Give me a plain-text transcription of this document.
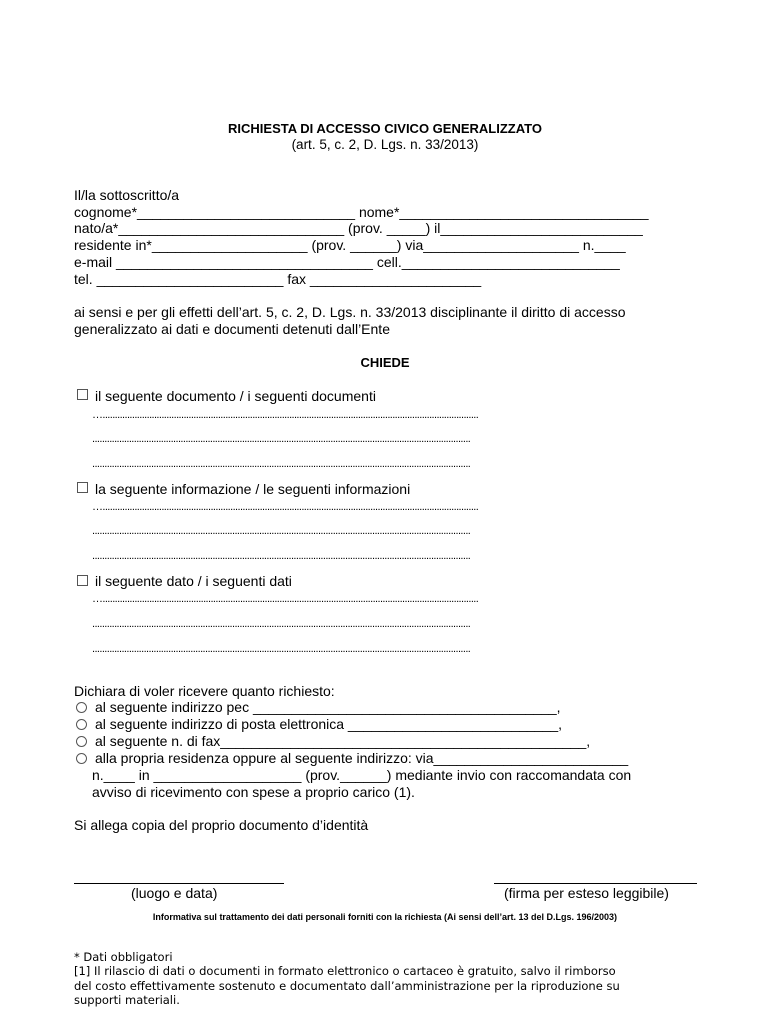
RICHIESTA DI ACCESSO CIVICO GENERALIZZATO
(art. 5, c. 2, D. Lgs. n. 33/2013)
Il/la sottoscritto/a
cognome*____________________________ nome*________________________________
nato/a*_____________________________ (prov. _____) il__________________________
residente in*____________________ (prov. ______) via____________________ n.____
e-mail _________________________________ cell.____________________________
tel. ________________________ fax ______________________
ai sensi e per gli effetti dell’art. 5, c. 2, D. Lgs. n. 33/2013 disciplinante il diritto di accesso
generalizzato ai dati e documenti detenuti dall’Ente
CHIEDE
il seguente documento / i seguenti documenti
….........................................................................................................................................................
..........................................................................................................................................................
..........................................................................................................................................................
la seguente informazione / le seguenti informazioni
….........................................................................................................................................................
..........................................................................................................................................................
..........................................................................................................................................................
il seguente dato / i seguenti dati
….........................................................................................................................................................
..........................................................................................................................................................
..........................................................................................................................................................
Dichiara di voler ricevere quanto richiesto:
al seguente indirizzo pec _______________________________________,
al seguente indirizzo di posta elettronica ___________________________,
al seguente n. di fax_______________________________________________,
alla propria residenza oppure al seguente indirizzo: via_________________________
n.____ in ___________________ (prov.______) mediante invio con raccomandata con
avviso di ricevimento con spese a proprio carico (1).
Si allega copia del proprio documento d’identità
(luogo e data)	(firma per esteso leggibile)
Informativa sul trattamento dei dati personali forniti con la richiesta (Ai sensi dell’art. 13 del D.Lgs. 196/2003)
* Dati obbligatori
[1] Il rilascio di dati o documenti in formato elettronico o cartaceo è gratuito, salvo il rimborso
del costo effettivamente sostenuto e documentato dall’amministrazione per la riproduzione su
supporti materiali.
